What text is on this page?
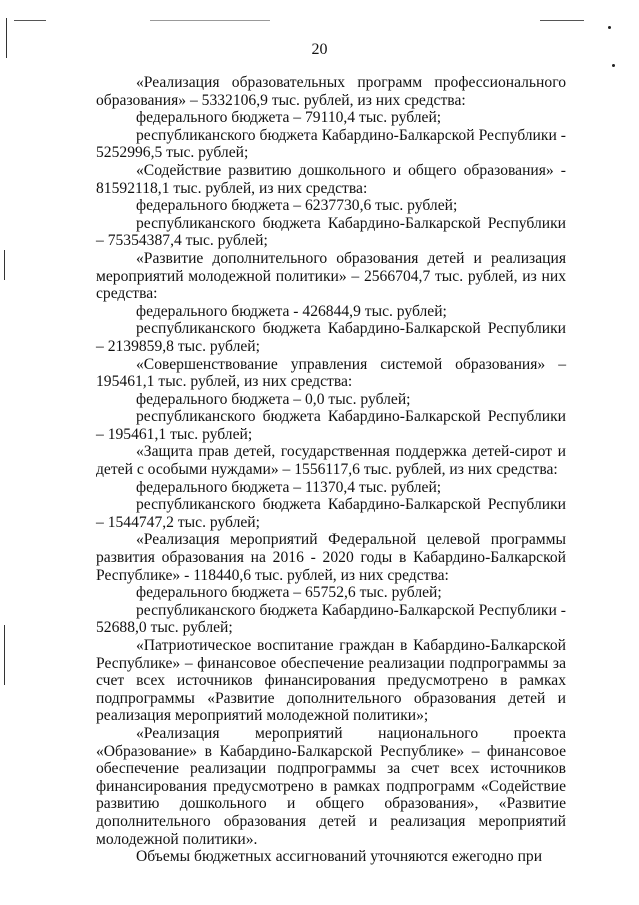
20

«Реализация образовательных программ профессионального образования» – 5332106,9 тыс. рублей, из них средства:

федерального бюджета – 79110,4 тыс. рублей;

республиканского бюджета Кабардино-Балкарской Республики - 5252996,5 тыс. рублей;

«Содействие развитию дошкольного и общего образования» - 81592118,1 тыс. рублей, из них средства:

федерального бюджета – 6237730,6 тыс. рублей;

республиканского бюджета Кабардино-Балкарской Республики – 75354387,4 тыс. рублей;

«Развитие дополнительного образования детей и реализация мероприятий молодежной политики» – 2566704,7 тыс. рублей, из них средства:

федерального бюджета - 426844,9 тыс. рублей;

республиканского бюджета Кабардино-Балкарской Республики – 2139859,8 тыс. рублей;

«Совершенствование управления системой образования» – 195461,1 тыс. рублей, из них средства:

федерального бюджета – 0,0 тыс. рублей;

республиканского бюджета Кабардино-Балкарской Республики – 195461,1 тыс. рублей;

«Защита прав детей, государственная поддержка детей-сирот и детей с особыми нуждами» – 1556117,6 тыс. рублей, из них средства:

федерального бюджета – 11370,4 тыс. рублей;

республиканского бюджета Кабардино-Балкарской Республики – 1544747,2 тыс. рублей;

«Реализация мероприятий Федеральной целевой программы развития образования на 2016 - 2020 годы в Кабардино-Балкарской Республике» - 118440,6 тыс. рублей, из них средства:

федерального бюджета – 65752,6 тыс. рублей;

республиканского бюджета Кабардино-Балкарской Республики - 52688,0 тыс. рублей;

«Патриотическое воспитание граждан в Кабардино-Балкарской Республике» – финансовое обеспечение реализации подпрограммы за счет всех источников финансирования предусмотрено в рамках подпрограммы «Развитие дополнительного образования детей и реализация мероприятий молодежной политики»;

«Реализация мероприятий национального проекта «Образование» в Кабардино-Балкарской Республике» – финансовое обеспечение реализации подпрограммы за счет всех источников финансирования предусмотрено в рамках подпрограмм «Содействие развитию дошкольного и общего образования», «Развитие дополнительного образования детей и реализация мероприятий молодежной политики».

Объемы бюджетных ассигнований уточняются ежегодно при
